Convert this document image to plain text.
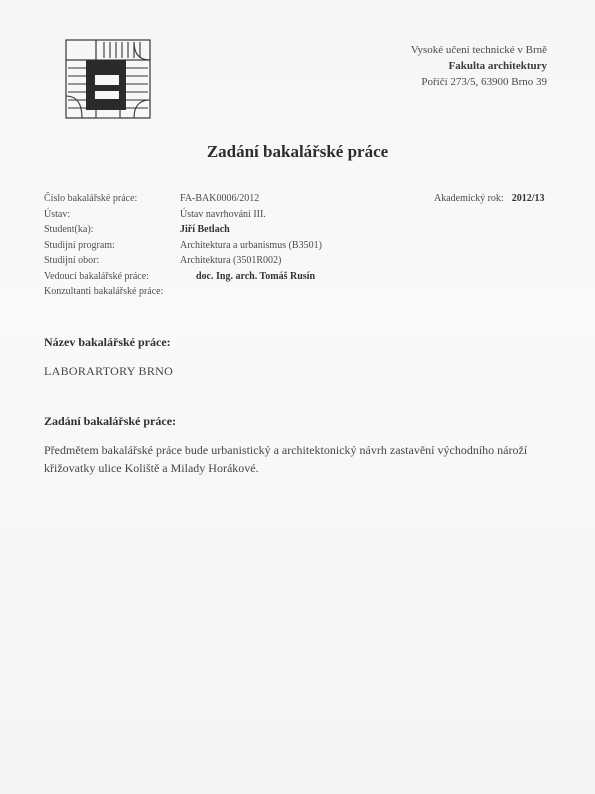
Vysoké učení technické v Brně
Fakulta architektury
Poříčí 273/5, 63900 Brno 39
Zadání bakalářské práce
Číslo bakalářské práce:	FA-BAK0006/2012
Ústav:	Ústav navrhování III.
Student(ka):	Jiří Betlach
Studijní program:	Architektura a urbanismus (B3501)
Studijní obor:	Architektura (3501R002)
Vedoucí bakalářské práce:	doc. Ing. arch. Tomáš Rusín
Konzultanti bakalářské práce:
Akademický rok: 2012/13
Název bakalářské práce:
LABORARTORY BRNO
Zadání bakalářské práce:
Předmětem bakalářské práce bude urbanistický a architektonický návrh zastavění východního nároží křižovatky ulice Koliště a Milady Horákové.
